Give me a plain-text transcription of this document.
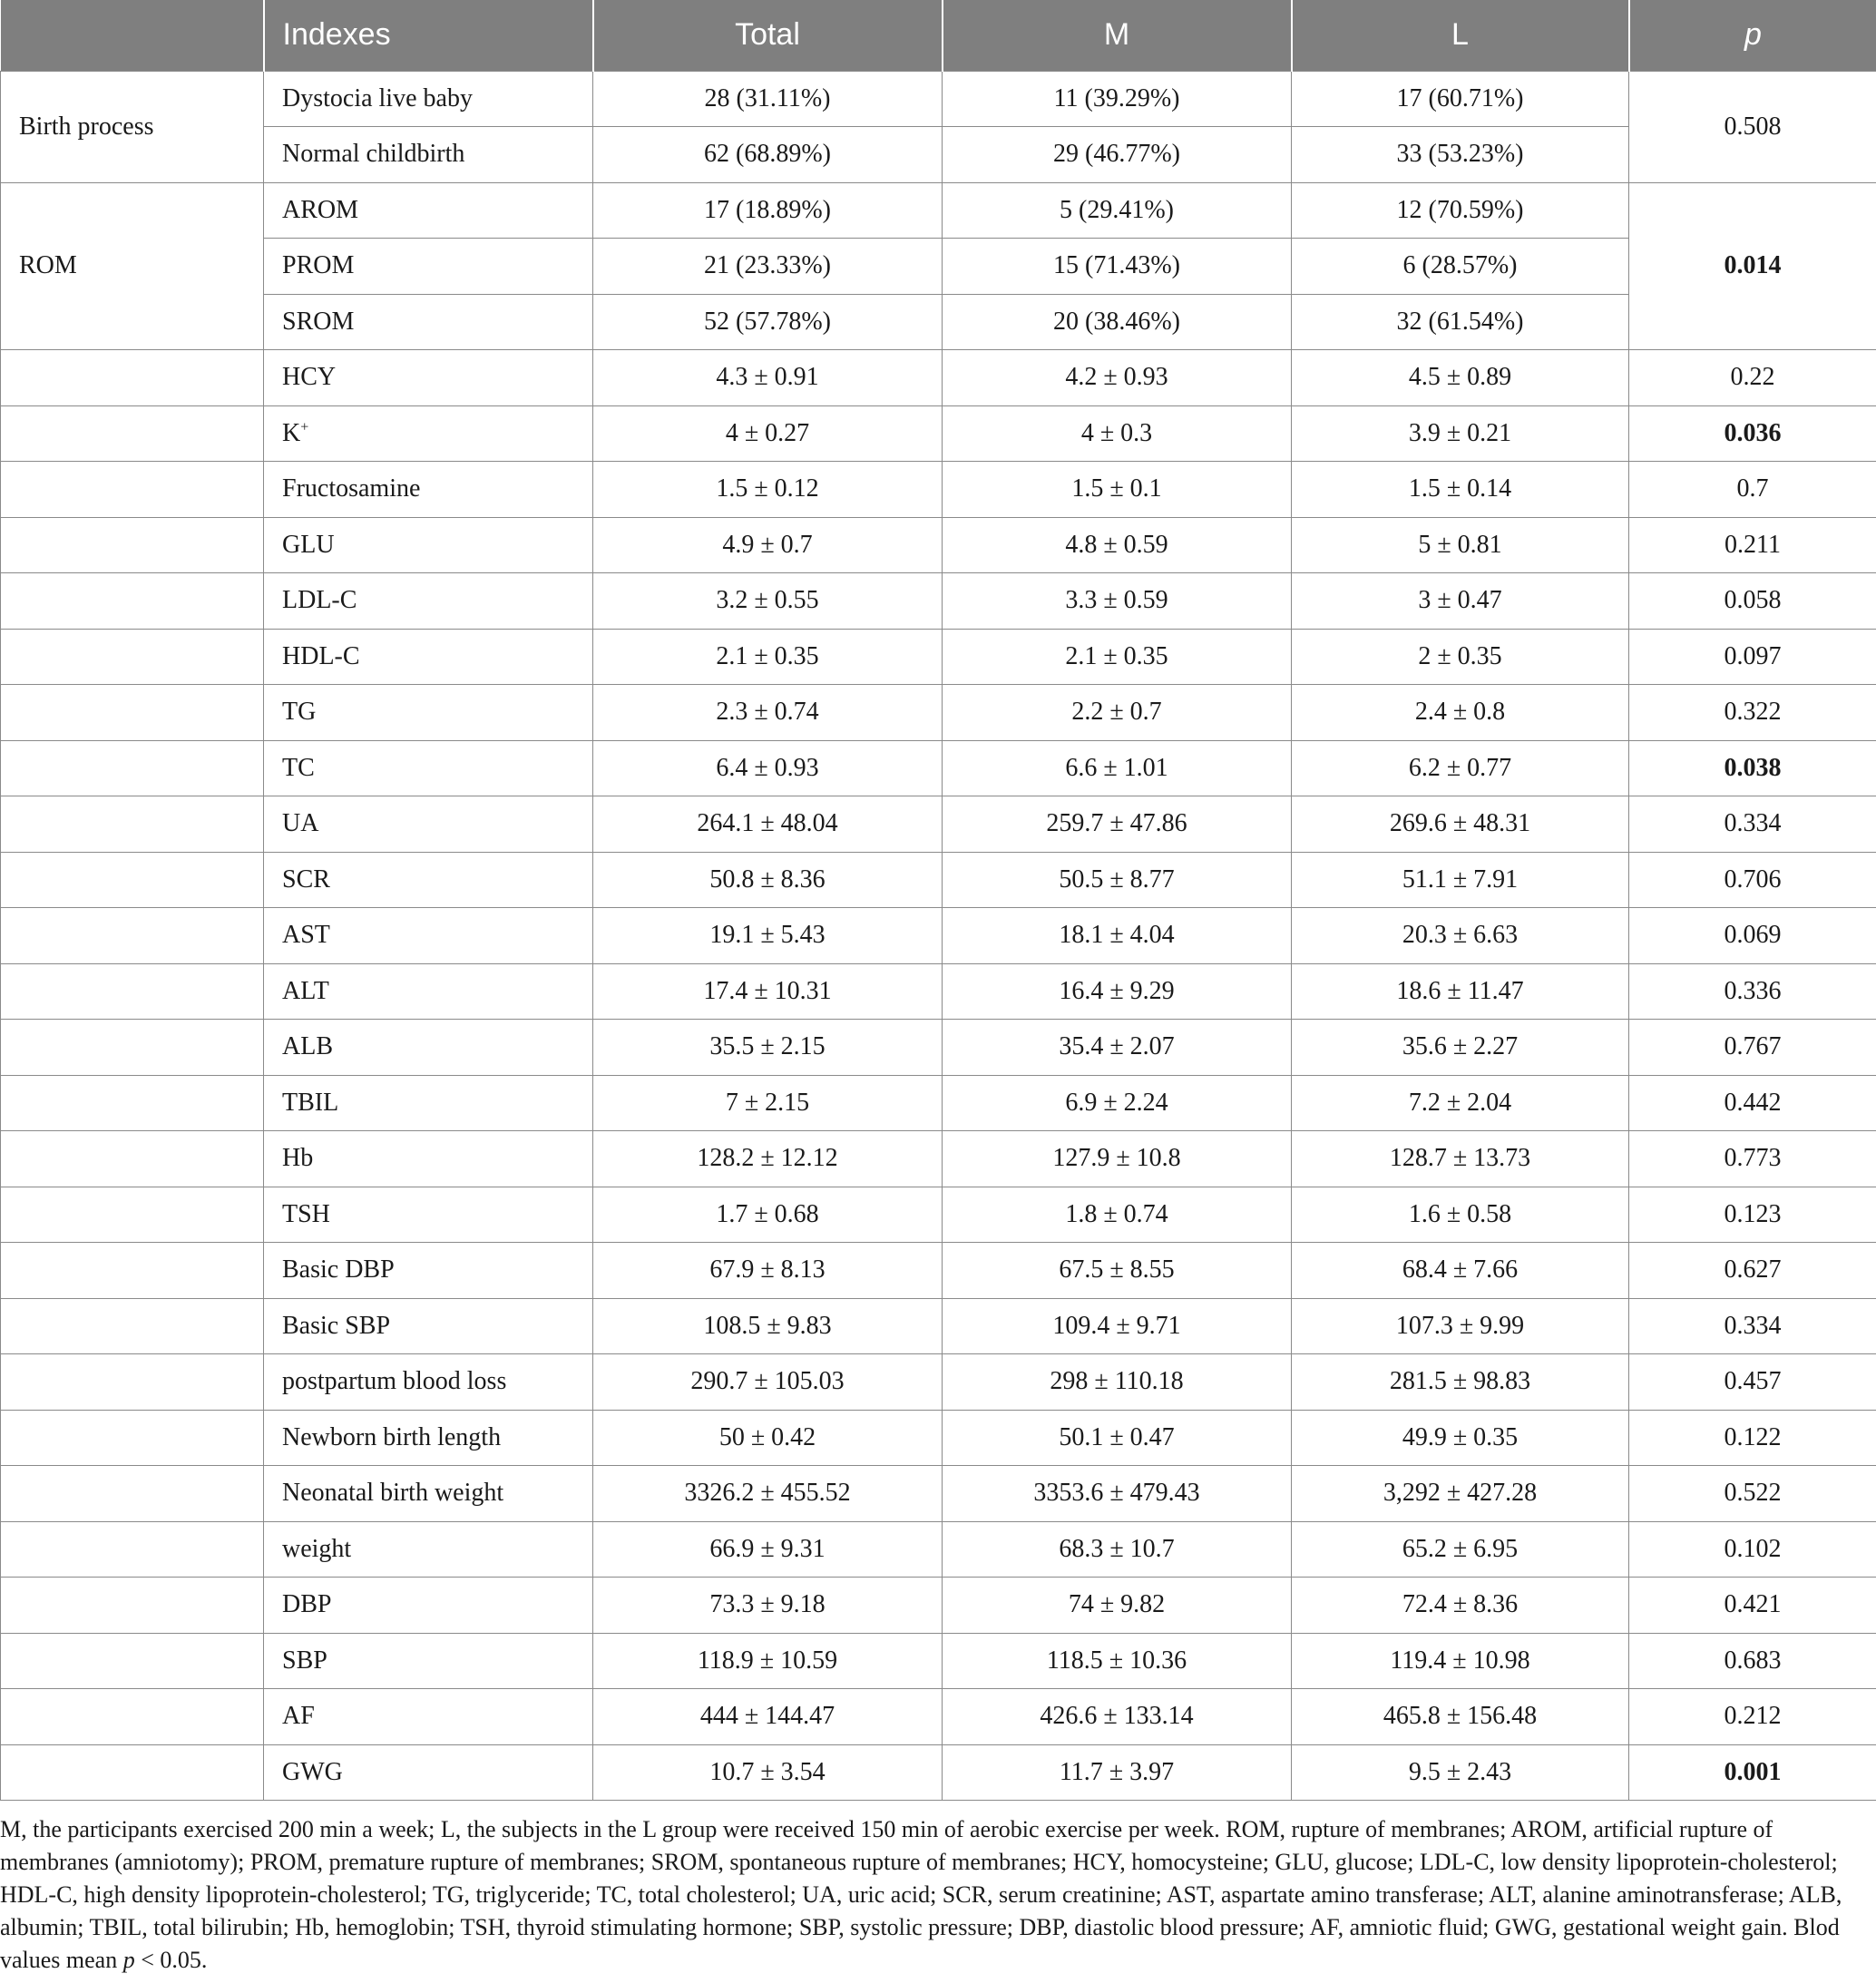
	Indexes	Total	M	L	p
Birth process	Dystocia live baby	28 (31.11%)	11 (39.29%)	17 (60.71%)	0.508
	Normal childbirth	62 (68.89%)	29 (46.77%)	33 (53.23%)	
ROM	AROM	17 (18.89%)	5 (29.41%)	12 (70.59%)	0.014
	PROM	21 (23.33%)	15 (71.43%)	6 (28.57%)	
	SROM	52 (57.78%)	20 (38.46%)	32 (61.54%)	
	HCY	4.3 ± 0.91	4.2 ± 0.93	4.5 ± 0.89	0.22
	K+	4 ± 0.27	4 ± 0.3	3.9 ± 0.21	0.036
	Fructosamine	1.5 ± 0.12	1.5 ± 0.1	1.5 ± 0.14	0.7
	GLU	4.9 ± 0.7	4.8 ± 0.59	5 ± 0.81	0.211
	LDL-C	3.2 ± 0.55	3.3 ± 0.59	3 ± 0.47	0.058
	HDL-C	2.1 ± 0.35	2.1 ± 0.35	2 ± 0.35	0.097
	TG	2.3 ± 0.74	2.2 ± 0.7	2.4 ± 0.8	0.322
	TC	6.4 ± 0.93	6.6 ± 1.01	6.2 ± 0.77	0.038
	UA	264.1 ± 48.04	259.7 ± 47.86	269.6 ± 48.31	0.334
	SCR	50.8 ± 8.36	50.5 ± 8.77	51.1 ± 7.91	0.706
	AST	19.1 ± 5.43	18.1 ± 4.04	20.3 ± 6.63	0.069
	ALT	17.4 ± 10.31	16.4 ± 9.29	18.6 ± 11.47	0.336
	ALB	35.5 ± 2.15	35.4 ± 2.07	35.6 ± 2.27	0.767
	TBIL	7 ± 2.15	6.9 ± 2.24	7.2 ± 2.04	0.442
	Hb	128.2 ± 12.12	127.9 ± 10.8	128.7 ± 13.73	0.773
	TSH	1.7 ± 0.68	1.8 ± 0.74	1.6 ± 0.58	0.123
	Basic DBP	67.9 ± 8.13	67.5 ± 8.55	68.4 ± 7.66	0.627
	Basic SBP	108.5 ± 9.83	109.4 ± 9.71	107.3 ± 9.99	0.334
	postpartum blood loss	290.7 ± 105.03	298 ± 110.18	281.5 ± 98.83	0.457
	Newborn birth length	50 ± 0.42	50.1 ± 0.47	49.9 ± 0.35	0.122
	Neonatal birth weight	3326.2 ± 455.52	3353.6 ± 479.43	3,292 ± 427.28	0.522
	weight	66.9 ± 9.31	68.3 ± 10.7	65.2 ± 6.95	0.102
	DBP	73.3 ± 9.18	74 ± 9.82	72.4 ± 8.36	0.421
	SBP	118.9 ± 10.59	118.5 ± 10.36	119.4 ± 10.98	0.683
	AF	444 ± 144.47	426.6 ± 133.14	465.8 ± 156.48	0.212
	GWG	10.7 ± 3.54	11.7 ± 3.97	9.5 ± 2.43	0.001
M, the participants exercised 200 min a week; L, the subjects in the L group were received 150 min of aerobic exercise per week. ROM, rupture of membranes; AROM, artificial rupture of membranes (amniotomy); PROM, premature rupture of membranes; SROM, spontaneous rupture of membranes; HCY, homocysteine; GLU, glucose; LDL-C, low density lipoprotein-cholesterol; HDL-C, high density lipoprotein-cholesterol; TG, triglyceride; TC, total cholesterol; UA, uric acid; SCR, serum creatinine; AST, aspartate amino transferase; ALT, alanine aminotransferase; ALB, albumin; TBIL, total bilirubin; Hb, hemoglobin; TSH, thyroid stimulating hormone; SBP, systolic pressure; DBP, diastolic blood pressure; AF, amniotic fluid; GWG, gestational weight gain. Blod values mean p < 0.05.
